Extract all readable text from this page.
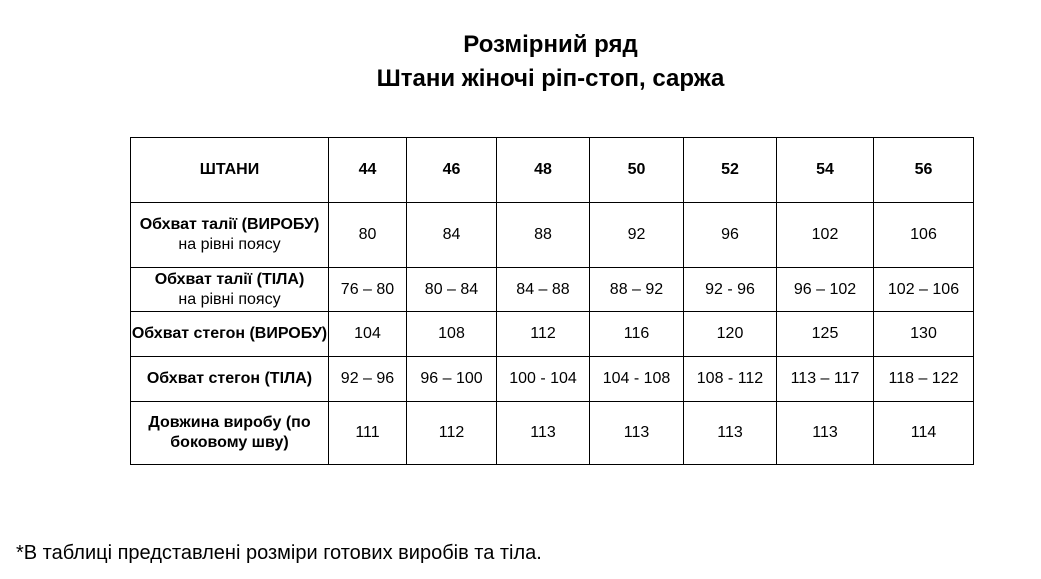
Розмірний ряд
Штани жіночі ріп-стоп, саржа
ШТАНИ	44	46	48	50	52	54	56

Обхват талії (ВИРОБУ)
на рівні поясу	80	84	88	92	96	102	106

Обхват талії (ТІЛА)
на рівні поясу	76 – 80	80 – 84	84 – 88	88 – 92	92 - 96	96 – 102	102 – 106

Обхват стегон (ВИРОБУ)	104	108	112	116	120	125	130

Обхват стегон (ТІЛА)	92 – 96	96 – 100	100 - 104	104 - 108	108 - 112	113 – 117	118 – 122

Довжина виробу (по боковому шву)	111	112	113	113	113	113	114
*В таблиці представлені розміри готових виробів та тіла.
